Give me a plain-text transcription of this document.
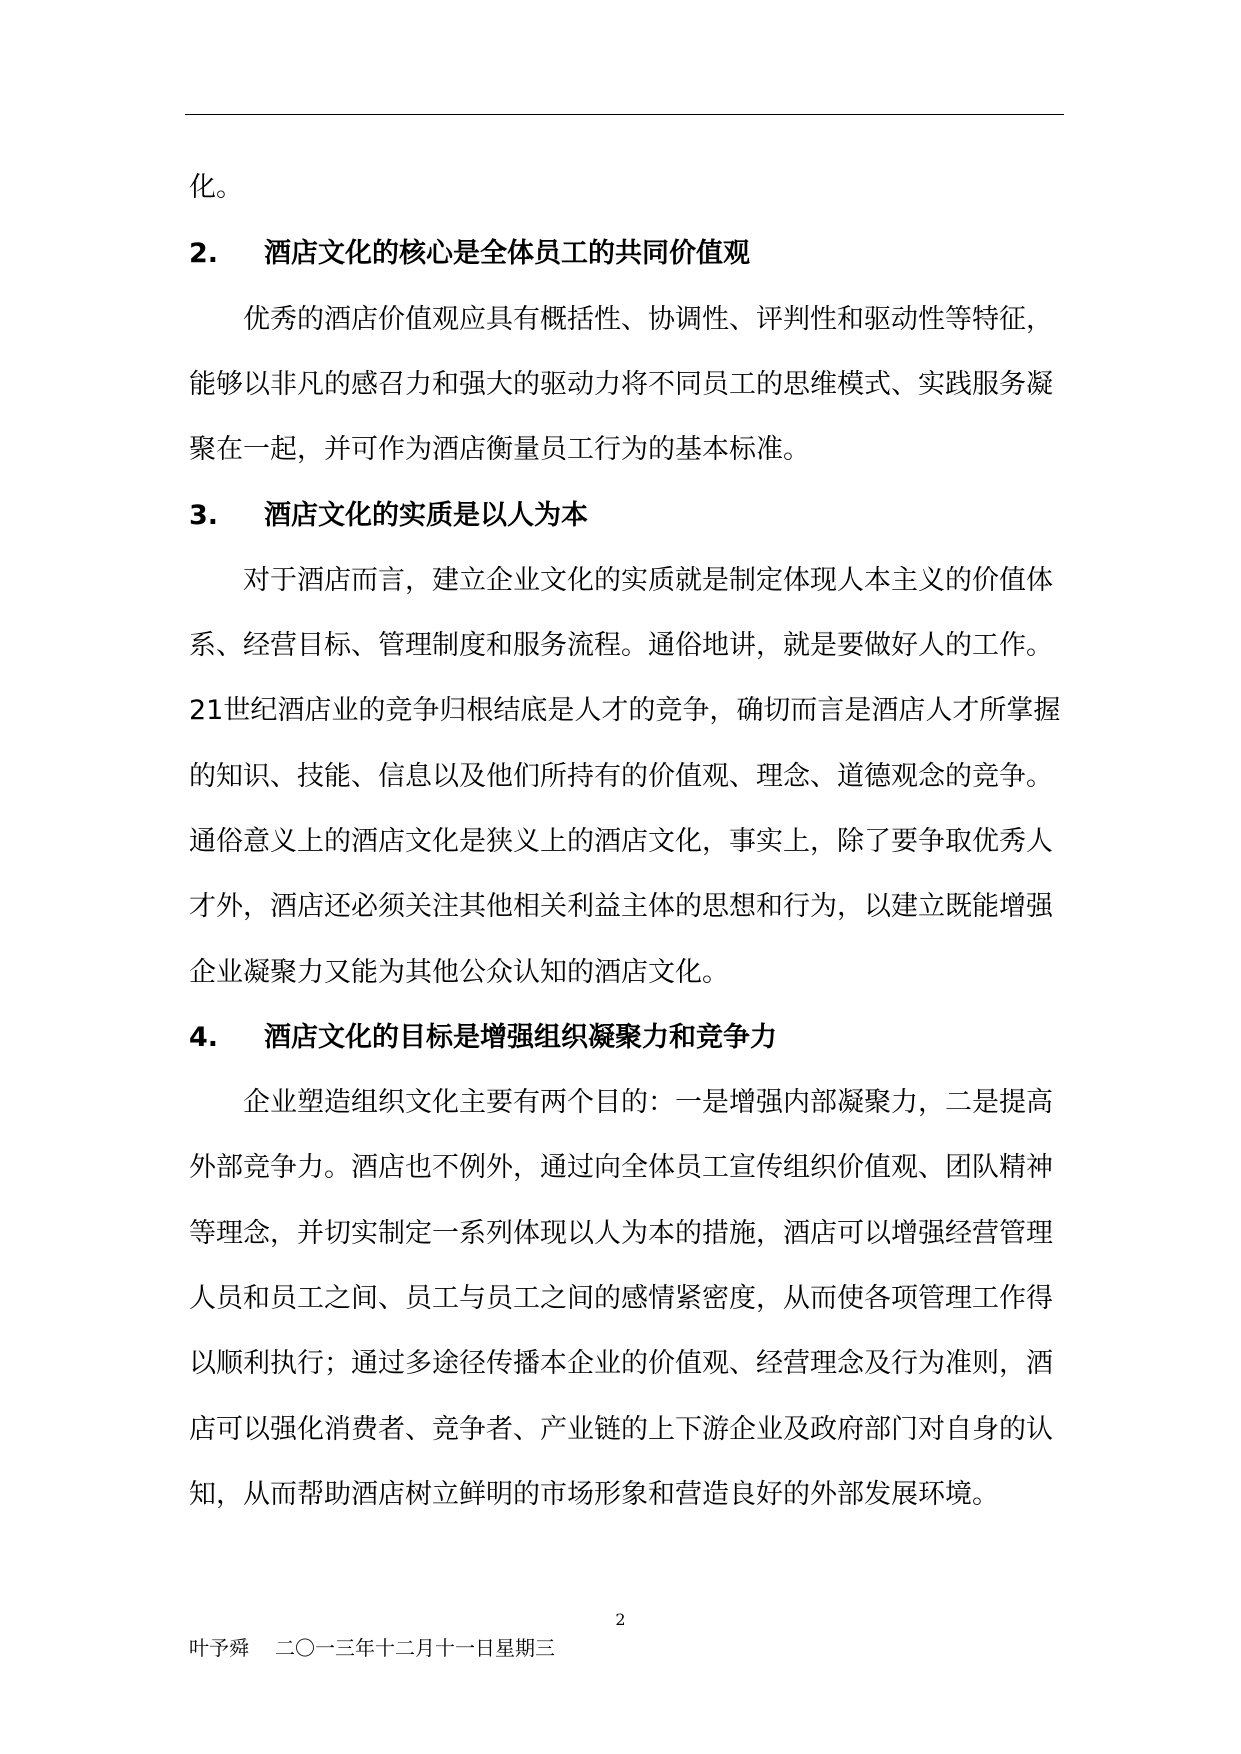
化。
2. 酒店文化的核心是全体员工的共同价值观
优秀的酒店价值观应具有概括性、协调性、评判性和驱动性等特征，
能够以非凡的感召力和强大的驱动力将不同员工的思维模式、实践服务凝
聚在一起，并可作为酒店衡量员工行为的基本标准。
3. 酒店文化的实质是以人为本
对于酒店而言，建立企业文化的实质就是制定体现人本主义的价值体
系、经营目标、管理制度和服务流程。通俗地讲，就是要做好人的工作。
21世纪酒店业的竞争归根结底是人才的竞争，确切而言是酒店人才所掌握
的知识、技能、信息以及他们所持有的价值观、理念、道德观念的竞争。
通俗意义上的酒店文化是狭义上的酒店文化，事实上，除了要争取优秀人
才外，酒店还必须关注其他相关利益主体的思想和行为，以建立既能增强
企业凝聚力又能为其他公众认知的酒店文化。
4. 酒店文化的目标是增强组织凝聚力和竞争力
企业塑造组织文化主要有两个目的：一是增强内部凝聚力，二是提高
外部竞争力。酒店也不例外，通过向全体员工宣传组织价值观、团队精神
等理念，并切实制定一系列体现以人为本的措施，酒店可以增强经营管理
人员和员工之间、员工与员工之间的感情紧密度，从而使各项管理工作得
以顺利执行；通过多途径传播本企业的价值观、经营理念及行为准则，酒
店可以强化消费者、竞争者、产业链的上下游企业及政府部门对自身的认
知，从而帮助酒店树立鲜明的市场形象和营造良好的外部发展环境。
2
叶予舜 二〇一三年十二月十一日星期三
